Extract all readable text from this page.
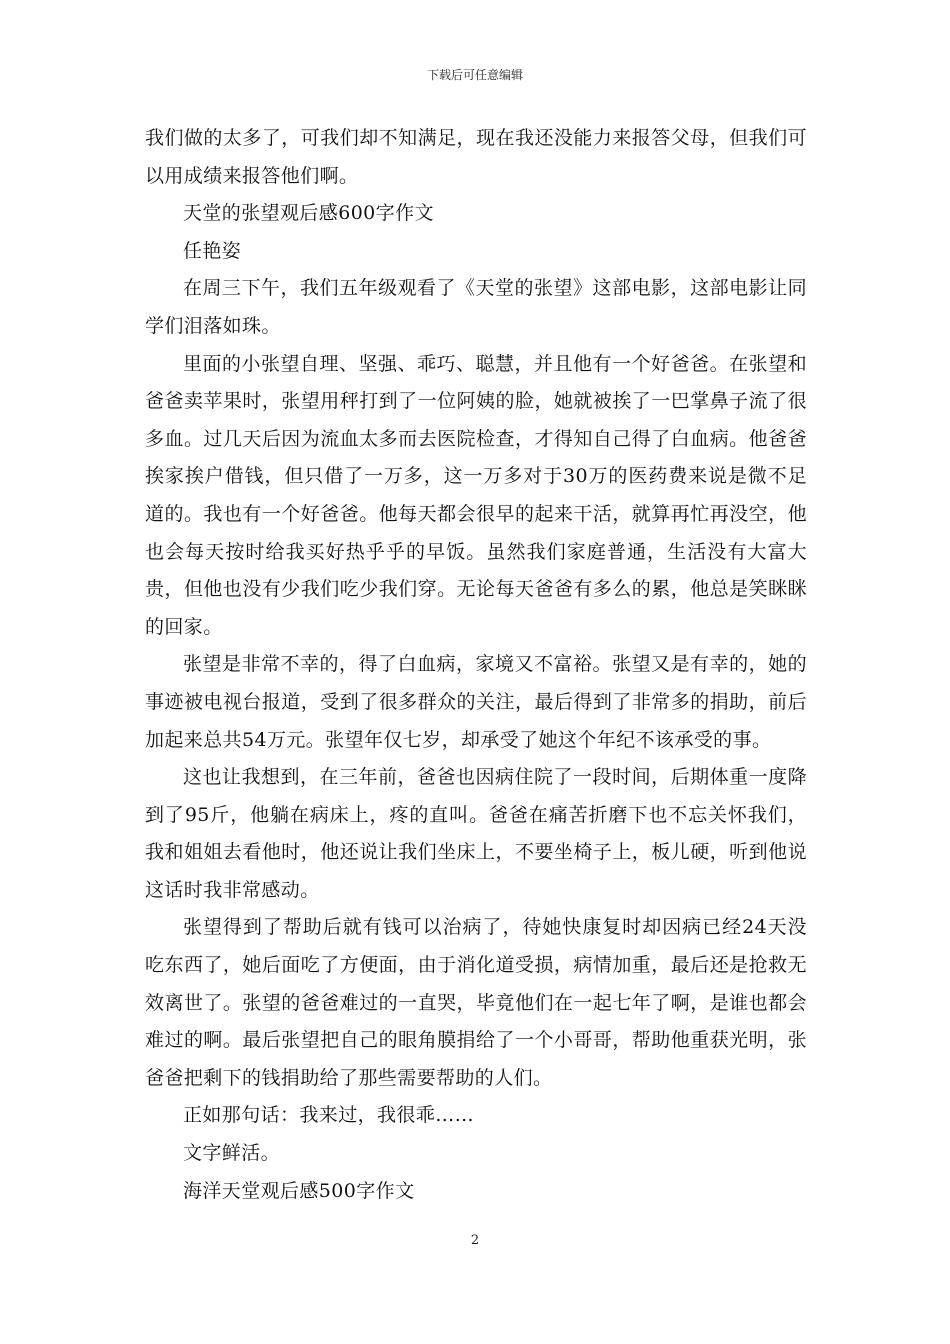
下载后可任意编辑

我们做的太多了，可我们却不知满足，现在我还没能力来报答父母，但我们可以用成绩来报答他们啊。

天堂的张望观后感600字作文

任艳姿

在周三下午，我们五年级观看了《天堂的张望》这部电影，这部电影让同学们泪落如珠。

里面的小张望自理、坚强、乖巧、聪慧，并且他有一个好爸爸。在张望和爸爸卖苹果时，张望用秤打到了一位阿姨的脸，她就被挨了一巴掌鼻子流了很多血。过几天后因为流血太多而去医院检查，才得知自己得了白血病。他爸爸挨家挨户借钱，但只借了一万多，这一万多对于30万的医药费来说是微不足道的。我也有一个好爸爸。他每天都会很早的起来干活，就算再忙再没空，他也会每天按时给我买好热乎乎的早饭。虽然我们家庭普通，生活没有大富大贵，但他也没有少我们吃少我们穿。无论每天爸爸有多么的累，他总是笑眯眯的回家。

张望是非常不幸的，得了白血病，家境又不富裕。张望又是有幸的，她的事迹被电视台报道，受到了很多群众的关注，最后得到了非常多的捐助，前后加起来总共54万元。张望年仅七岁，却承受了她这个年纪不该承受的事。

这也让我想到，在三年前，爸爸也因病住院了一段时间，后期体重一度降到了95斤，他躺在病床上，疼的直叫。爸爸在痛苦折磨下也不忘关怀我们，我和姐姐去看他时，他还说让我们坐床上，不要坐椅子上，板儿硬，听到他说这话时我非常感动。

张望得到了帮助后就有钱可以治病了，待她快康复时却因病已经24天没吃东西了，她后面吃了方便面，由于消化道受损，病情加重，最后还是抢救无效离世了。张望的爸爸难过的一直哭，毕竟他们在一起七年了啊，是谁也都会难过的啊。最后张望把自己的眼角膜捐给了一个小哥哥，帮助他重获光明，张爸爸把剩下的钱捐助给了那些需要帮助的人们。

正如那句话：我来过，我很乖……

文字鲜活。

海洋天堂观后感500字作文

2
